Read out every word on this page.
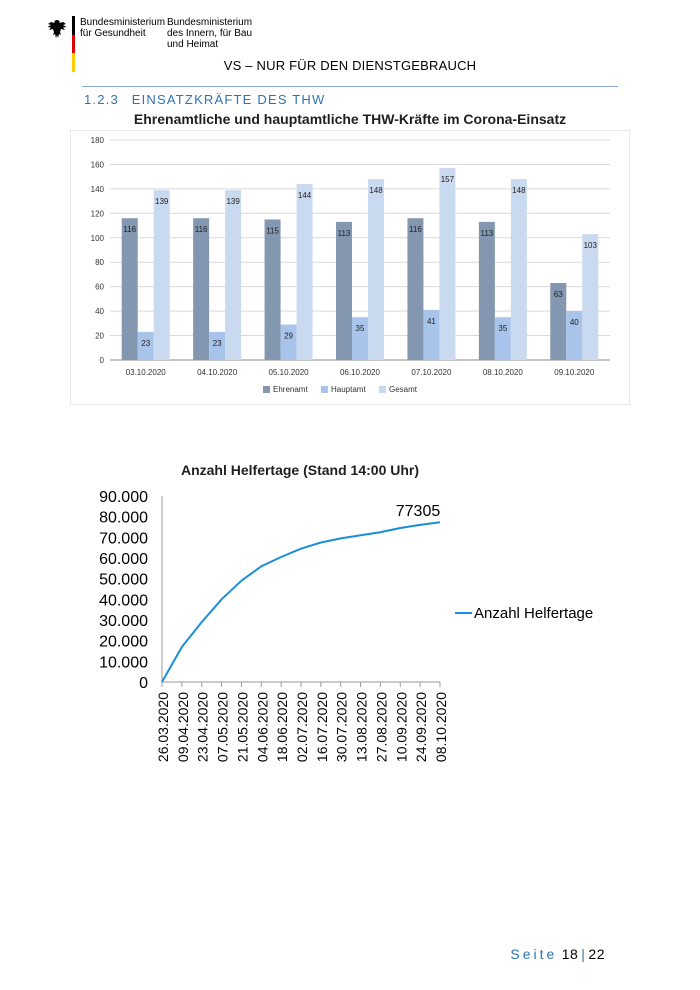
Bundesministerium
für Gesundheit
Bundesministerium
des Innern, für Bau
und Heimat
VS – NUR FÜR DEN DIENSTGEBRAUCH
1.2.3 EINSATZKRÄFTE DES THW
Ehrenamtliche und hauptamtliche THW-Kräfte im Corona-Einsatz
0
20
40
60
80
100
120
140
160
180
116
23
139
03.10.2020
116
23
139
04.10.2020
115
29
144
05.10.2020
113
35
148
06.10.2020
116
41
157
07.10.2020
113
35
148
08.10.2020
63
40
103
09.10.2020
Ehrenamt	Hauptamt	Gesamt
Anzahl Helfertage (Stand 14:00 Uhr)
0
10.000
20.000
30.000
40.000
50.000
60.000
70.000
80.000
90.000
26.03.2020 09.04.2020 23.04.2020 07.05.2020 21.05.2020 04.06.2020 18.06.2020 02.07.2020 16.07.2020 30.07.2020 13.08.2020 27.08.2020 10.09.2020 24.09.2020 08.10.2020
77305
Anzahl Helfertage
Seite 18 | 22
